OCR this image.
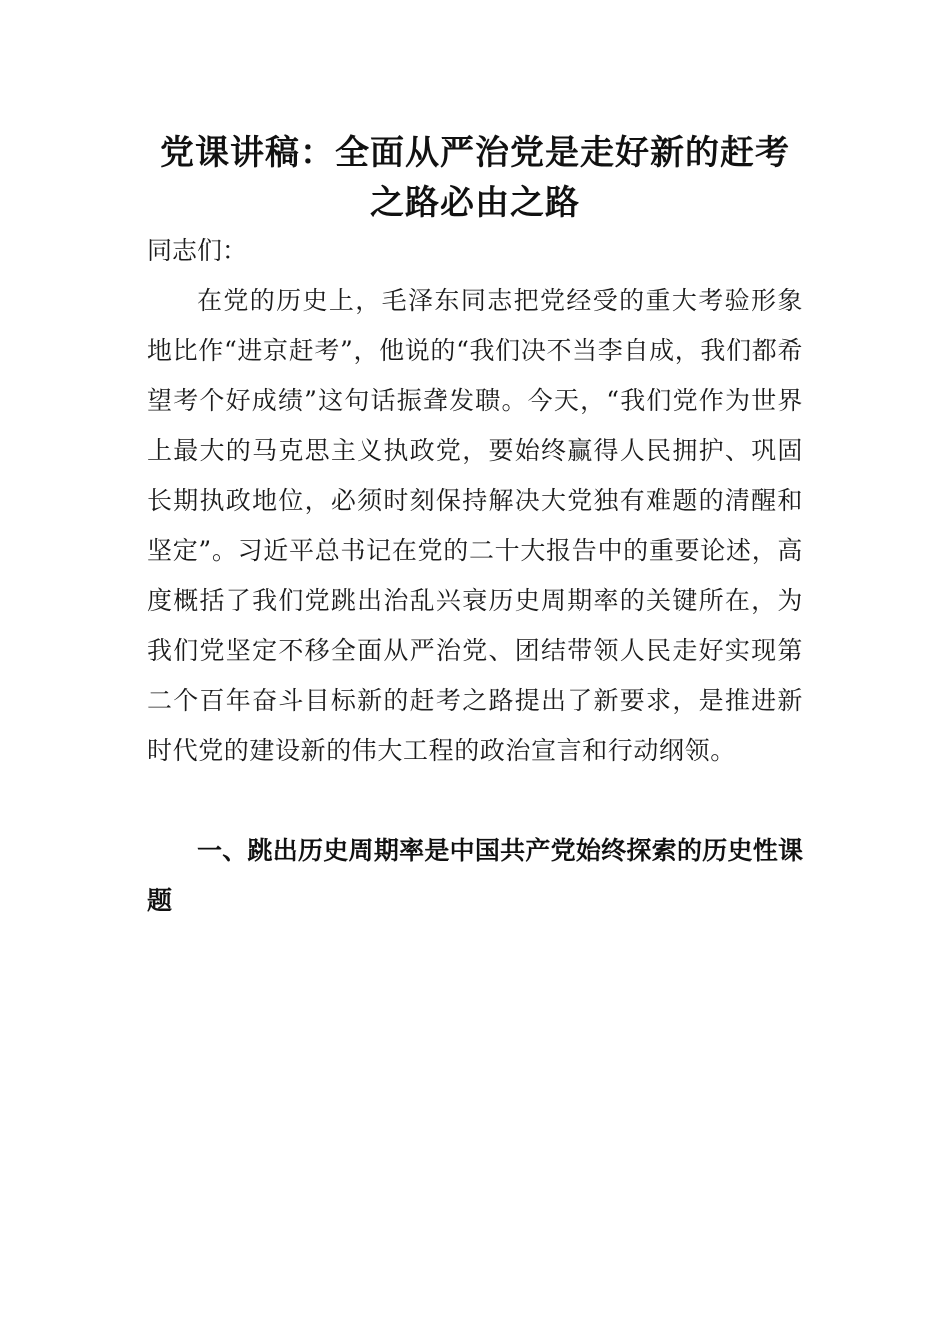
党课讲稿：全面从严治党是走好新的赶考之路必由之路
同志们：
在党的历史上，毛泽东同志把党经受的重大考验形象地比作“进京赶考”，他说的“我们决不当李自成，我们都希望考个好成绩”这句话振聋发聩。今天，“我们党作为世界上最大的马克思主义执政党，要始终赢得人民拥护、巩固长期执政地位，必须时刻保持解决大党独有难题的清醒和坚定”。习近平总书记在党的二十大报告中的重要论述，高度概括了我们党跳出治乱兴衰历史周期率的关键所在，为我们党坚定不移全面从严治党、团结带领人民走好实现第二个百年奋斗目标新的赶考之路提出了新要求，是推进新时代党的建设新的伟大工程的政治宣言和行动纲领。
一、跳出历史周期率是中国共产党始终探索的历史性课题
